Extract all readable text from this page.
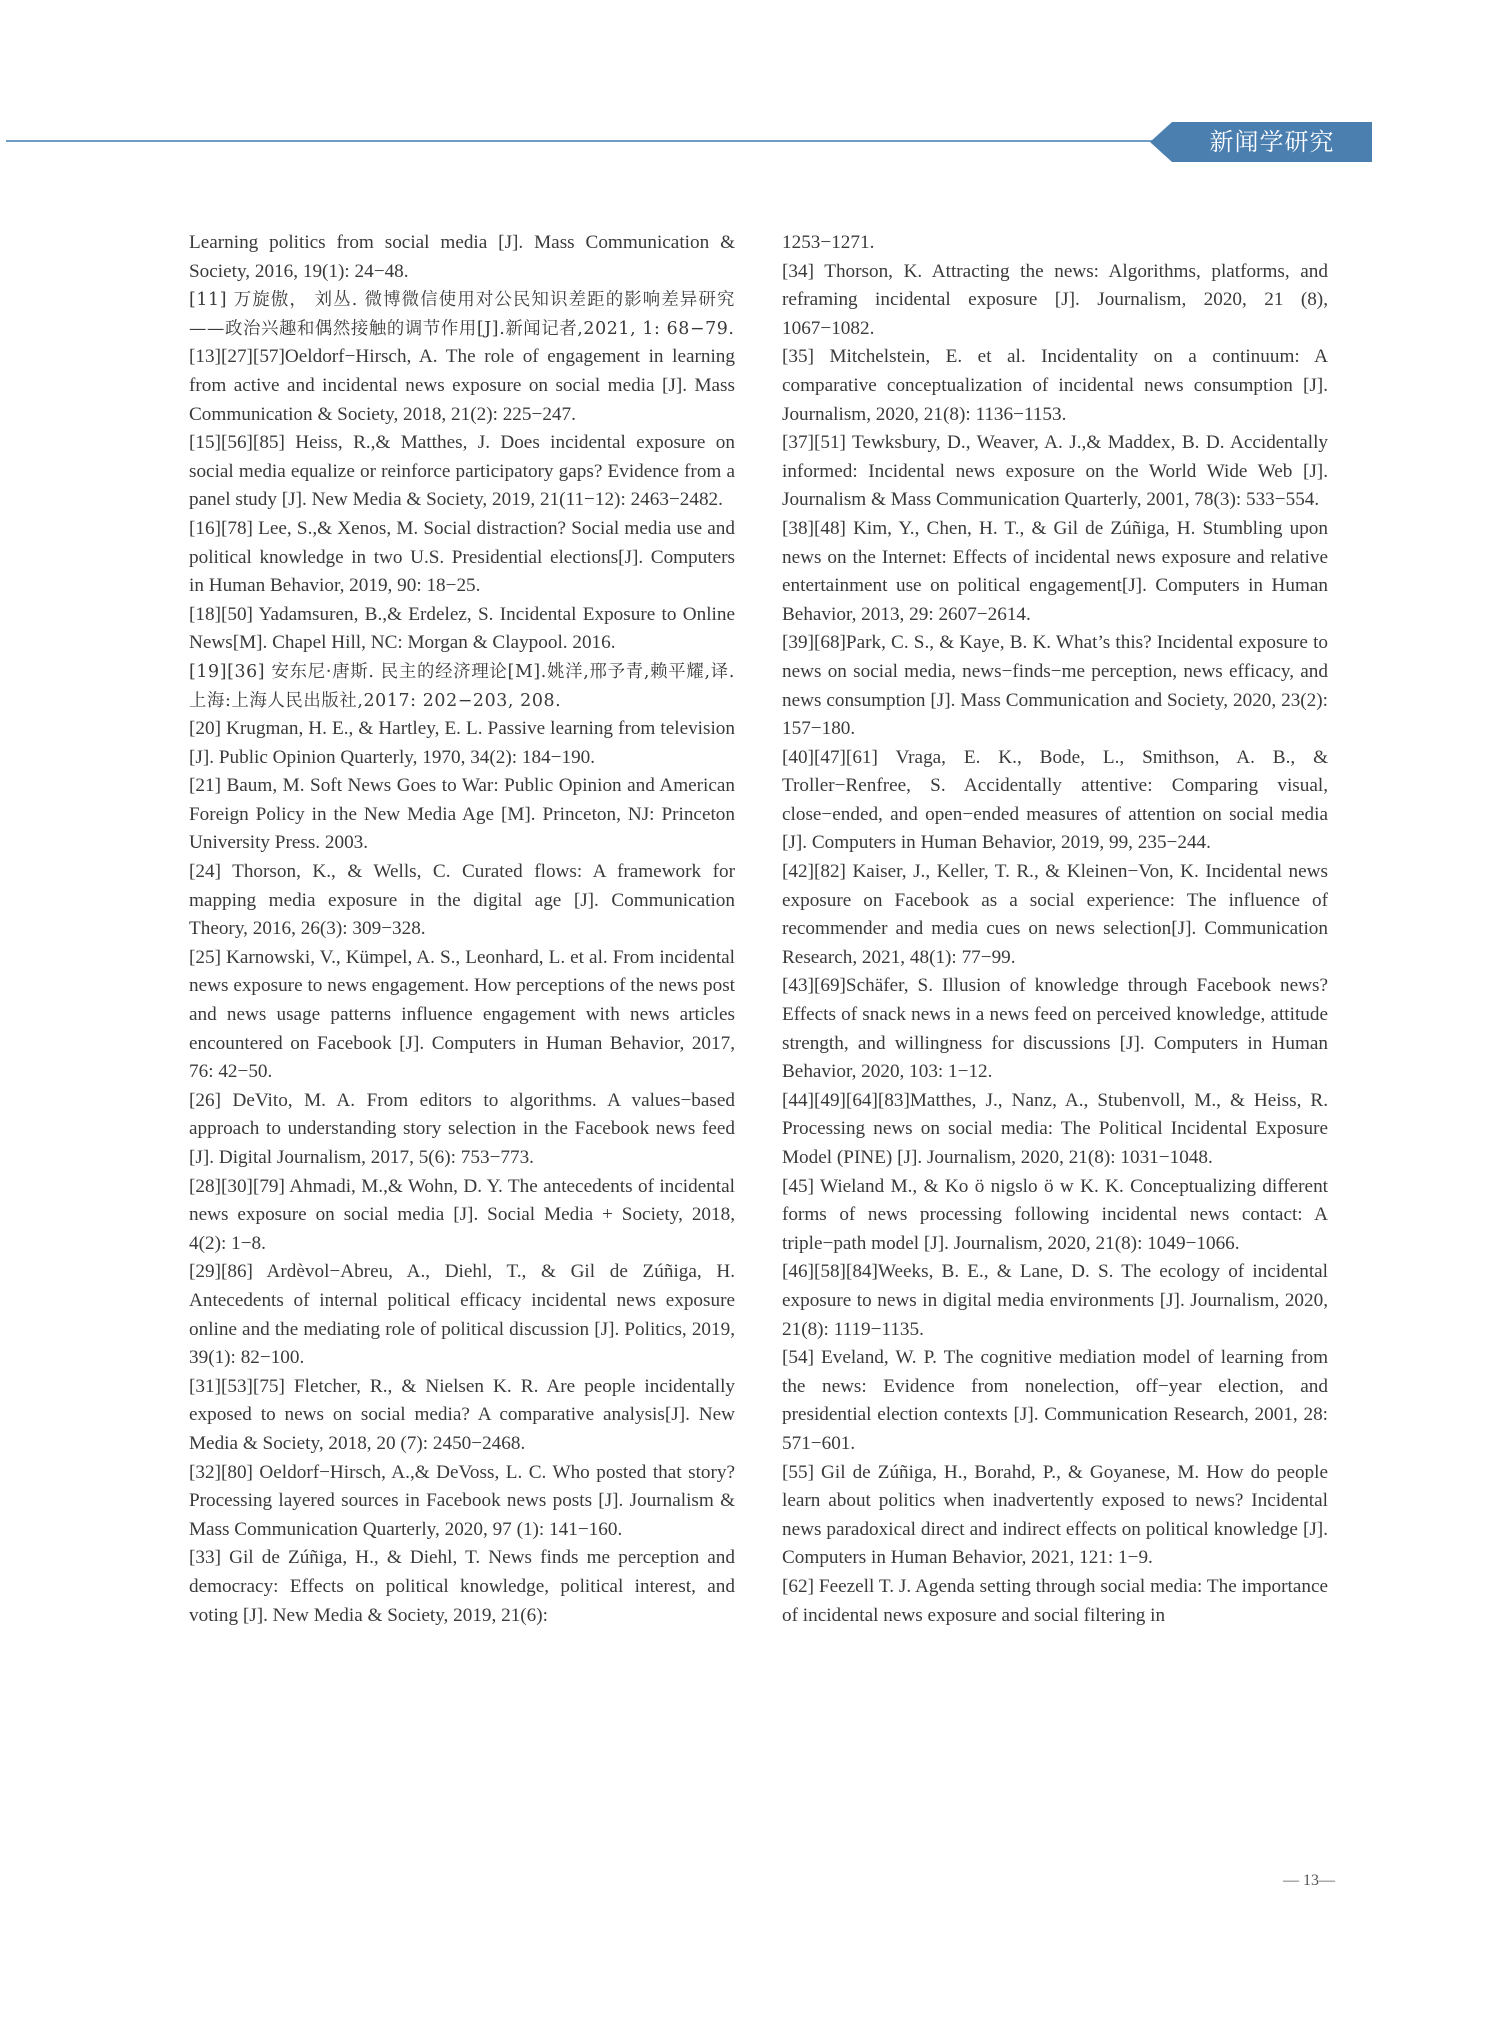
新闻学研究

Learning politics from social media [J]. Mass Communication & Society, 2016, 19(1): 24−48.

[11] 万旋傲， 刘丛. 微博微信使用对公民知识差距的影响差异研究——政治兴趣和偶然接触的调节作用[J].新闻记者,2021, 1: 68−79.

[13][27][57]Oeldorf−Hirsch, A. The role of engagement in learning from active and incidental news exposure on social media [J]. Mass Communication & Society, 2018, 21(2): 225−247.

[15][56][85] Heiss, R.,& Matthes, J. Does incidental exposure on social media equalize or reinforce participatory gaps? Evidence from a panel study [J]. New Media & Society, 2019, 21(11−12): 2463−2482.

[16][78] Lee, S.,& Xenos, M. Social distraction? Social media use and political knowledge in two U.S. Presidential elections[J]. Computers in Human Behavior, 2019, 90: 18−25.

[18][50] Yadamsuren, B.,& Erdelez, S. Incidental Exposure to Online News[M]. Chapel Hill, NC: Morgan & Claypool. 2016.

[19][36] 安东尼·唐斯. 民主的经济理论[M].姚洋,邢予青,赖平耀,译. 上海:上海人民出版社,2017: 202−203, 208.

[20] Krugman, H. E., & Hartley, E. L. Passive learning from television [J]. Public Opinion Quarterly, 1970, 34(2): 184−190.

[21] Baum, M. Soft News Goes to War: Public Opinion and American Foreign Policy in the New Media Age [M]. Princeton, NJ: Princeton University Press. 2003.

[24] Thorson, K., & Wells, C. Curated flows: A framework for mapping media exposure in the digital age [J]. Communication Theory, 2016, 26(3): 309−328.

[25] Karnowski, V., Kümpel, A. S., Leonhard, L. et al. From incidental news exposure to news engagement. How perceptions of the news post and news usage patterns influence engagement with news articles encountered on Facebook [J]. Computers in Human Behavior, 2017, 76: 42−50.

[26] DeVito, M. A. From editors to algorithms. A values−based approach to understanding story selection in the Facebook news feed [J]. Digital Journalism, 2017, 5(6): 753−773.

[28][30][79] Ahmadi, M.,& Wohn, D. Y. The antecedents of incidental news exposure on social media [J]. Social Media + Society, 2018, 4(2): 1−8.

[29][86] Ardèvol−Abreu, A., Diehl, T., & Gil de Zúñiga, H. Antecedents of internal political efficacy incidental news exposure online and the mediating role of political discussion [J]. Politics, 2019, 39(1): 82−100.

[31][53][75] Fletcher, R., & Nielsen K. R. Are people incidentally exposed to news on social media? A comparative analysis[J]. New Media & Society, 2018, 20 (7): 2450−2468.

[32][80] Oeldorf−Hirsch, A.,& DeVoss, L. C. Who posted that story? Processing layered sources in Facebook news posts [J]. Journalism & Mass Communication Quarterly, 2020, 97 (1): 141−160.

[33] Gil de Zúñiga, H., & Diehl, T. News finds me perception and democracy: Effects on political knowledge, political interest, and voting [J]. New Media & Society, 2019, 21(6):

1253−1271.

[34] Thorson, K. Attracting the news: Algorithms, platforms, and reframing incidental exposure [J]. Journalism, 2020, 21 (8), 1067−1082.

[35] Mitchelstein, E. et al. Incidentality on a continuum: A comparative conceptualization of incidental news consumption [J]. Journalism, 2020, 21(8): 1136−1153.

[37][51] Tewksbury, D., Weaver, A. J.,& Maddex, B. D. Accidentally informed: Incidental news exposure on the World Wide Web [J]. Journalism & Mass Communication Quarterly, 2001, 78(3): 533−554.

[38][48] Kim, Y., Chen, H. T., & Gil de Zúñiga, H. Stumbling upon news on the Internet: Effects of incidental news exposure and relative entertainment use on political engagement[J]. Computers in Human Behavior, 2013, 29: 2607−2614.

[39][68]Park, C. S., & Kaye, B. K. What’s this? Incidental exposure to news on social media, news−finds−me perception, news efficacy, and news consumption [J]. Mass Communication and Society, 2020, 23(2): 157−180.

[40][47][61] Vraga, E. K., Bode, L., Smithson, A. B., & Troller−Renfree, S. Accidentally attentive: Comparing visual, close−ended, and open−ended measures of attention on social media [J]. Computers in Human Behavior, 2019, 99, 235−244.

[42][82] Kaiser, J., Keller, T. R., & Kleinen−Von, K. Incidental news exposure on Facebook as a social experience: The influence of recommender and media cues on news selection[J]. Communication Research, 2021, 48(1): 77−99.

[43][69]Schäfer, S. Illusion of knowledge through Facebook news? Effects of snack news in a news feed on perceived knowledge, attitude strength, and willingness for discussions [J]. Computers in Human Behavior, 2020, 103: 1−12.

[44][49][64][83]Matthes, J., Nanz, A., Stubenvoll, M., & Heiss, R. Processing news on social media: The Political Incidental Exposure Model (PINE) [J]. Journalism, 2020, 21(8): 1031−1048.

[45] Wieland M., & Ko ö nigslo ö w K. K. Conceptualizing different forms of news processing following incidental news contact: A triple−path model [J]. Journalism, 2020, 21(8): 1049−1066.

[46][58][84]Weeks, B. E., & Lane, D. S. The ecology of incidental exposure to news in digital media environments [J]. Journalism, 2020, 21(8): 1119−1135.

[54] Eveland, W. P. The cognitive mediation model of learning from the news: Evidence from nonelection, off−year election, and presidential election contexts [J]. Communication Research, 2001, 28: 571−601.

[55] Gil de Zúñiga, H., Borahd, P., & Goyanese, M. How do people learn about politics when inadvertently exposed to news? Incidental news paradoxical direct and indirect effects on political knowledge [J]. Computers in Human Behavior, 2021, 121: 1−9.

[62] Feezell T. J. Agenda setting through social media: The importance of incidental news exposure and social filtering in

— 13—
